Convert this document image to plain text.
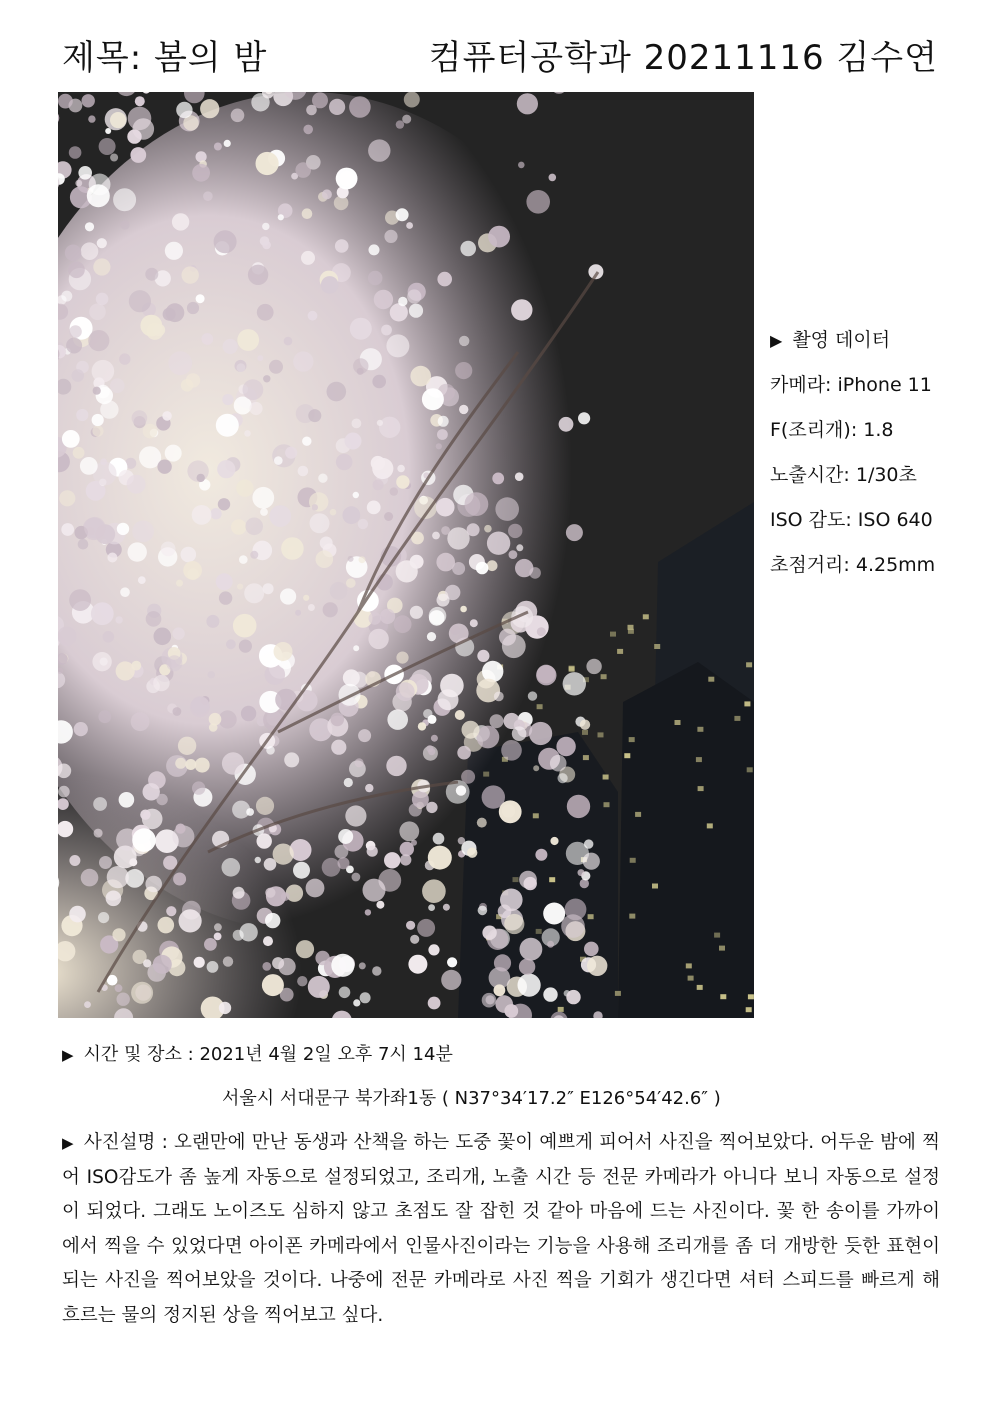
제목: 봄의 밤	컴퓨터공학과 20211116 김수연
▶ 촬영 데이터
카메라: iPhone 11
F(조리개): 1.8
노출시간: 1/30초
ISO 감도: ISO 640
초점거리: 4.25mm
▶ 시간 및 장소 : 2021년 4월 2일 오후 7시 14분
서울시 서대문구 북가좌1동 ( N37°34′17.2″ E126°54′42.6″ )
▶ 사진설명 : 오랜만에 만난 동생과 산책을 하는 도중 꽃이 예쁘게 피어서 사진을 찍어보았다. 어두운 밤에 찍어 ISO감도가 좀 높게 자동으로 설정되었고, 조리개, 노출 시간 등 전문 카메라가 아니다 보니 자동으로 설정이 되었다. 그래도 노이즈도 심하지 않고 초점도 잘 잡힌 것 같아 마음에 드는 사진이다. 꽃 한 송이를 가까이에서 찍을 수 있었다면 아이폰 카메라에서 인물사진이라는 기능을 사용해 조리개를 좀 더 개방한 듯한 표현이 되는 사진을 찍어보았을 것이다. 나중에 전문 카메라로 사진 찍을 기회가 생긴다면 셔터 스피드를 빠르게 해 흐르는 물의 정지된 상을 찍어보고 싶다.
